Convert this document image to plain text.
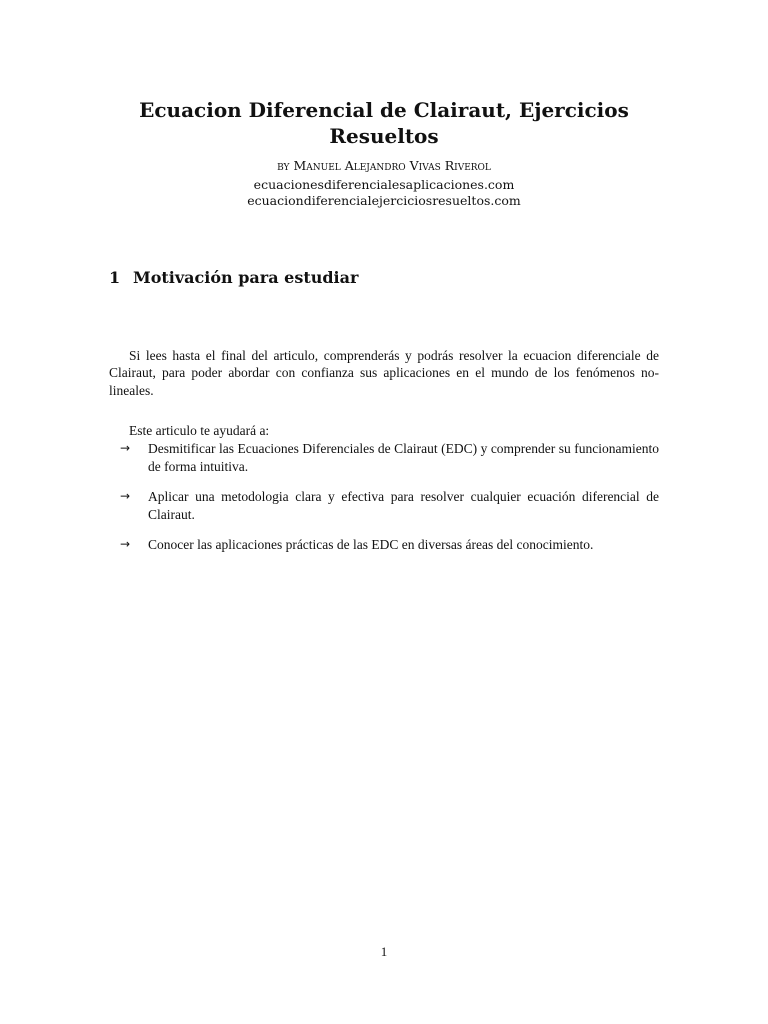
Ecuacion Diferencial de Clairaut, Ejercicios Resueltos
by Manuel Alejandro Vivas Riverol
ecuacionesdiferencialesaplicaciones.com
ecuaciondiferencialejerciciosresueltos.com
1 Motivación para estudiar

Si lees hasta el final del articulo, comprenderás y podrás resolver la ecuacion diferenciale de Clairaut, para poder abordar con confianza sus aplicaciones en el mundo de los fenómenos no-lineales.

Este articulo te ayudará a:

→ Desmitificar las Ecuaciones Diferenciales de Clairaut (EDC) y comprender su funcionamiento de forma intuitiva.
→ Aplicar una metodologia clara y efectiva para resolver cualquier ecuación diferencial de Clairaut.
→ Conocer las aplicaciones prácticas de las EDC en diversas áreas del conocimiento.
1
